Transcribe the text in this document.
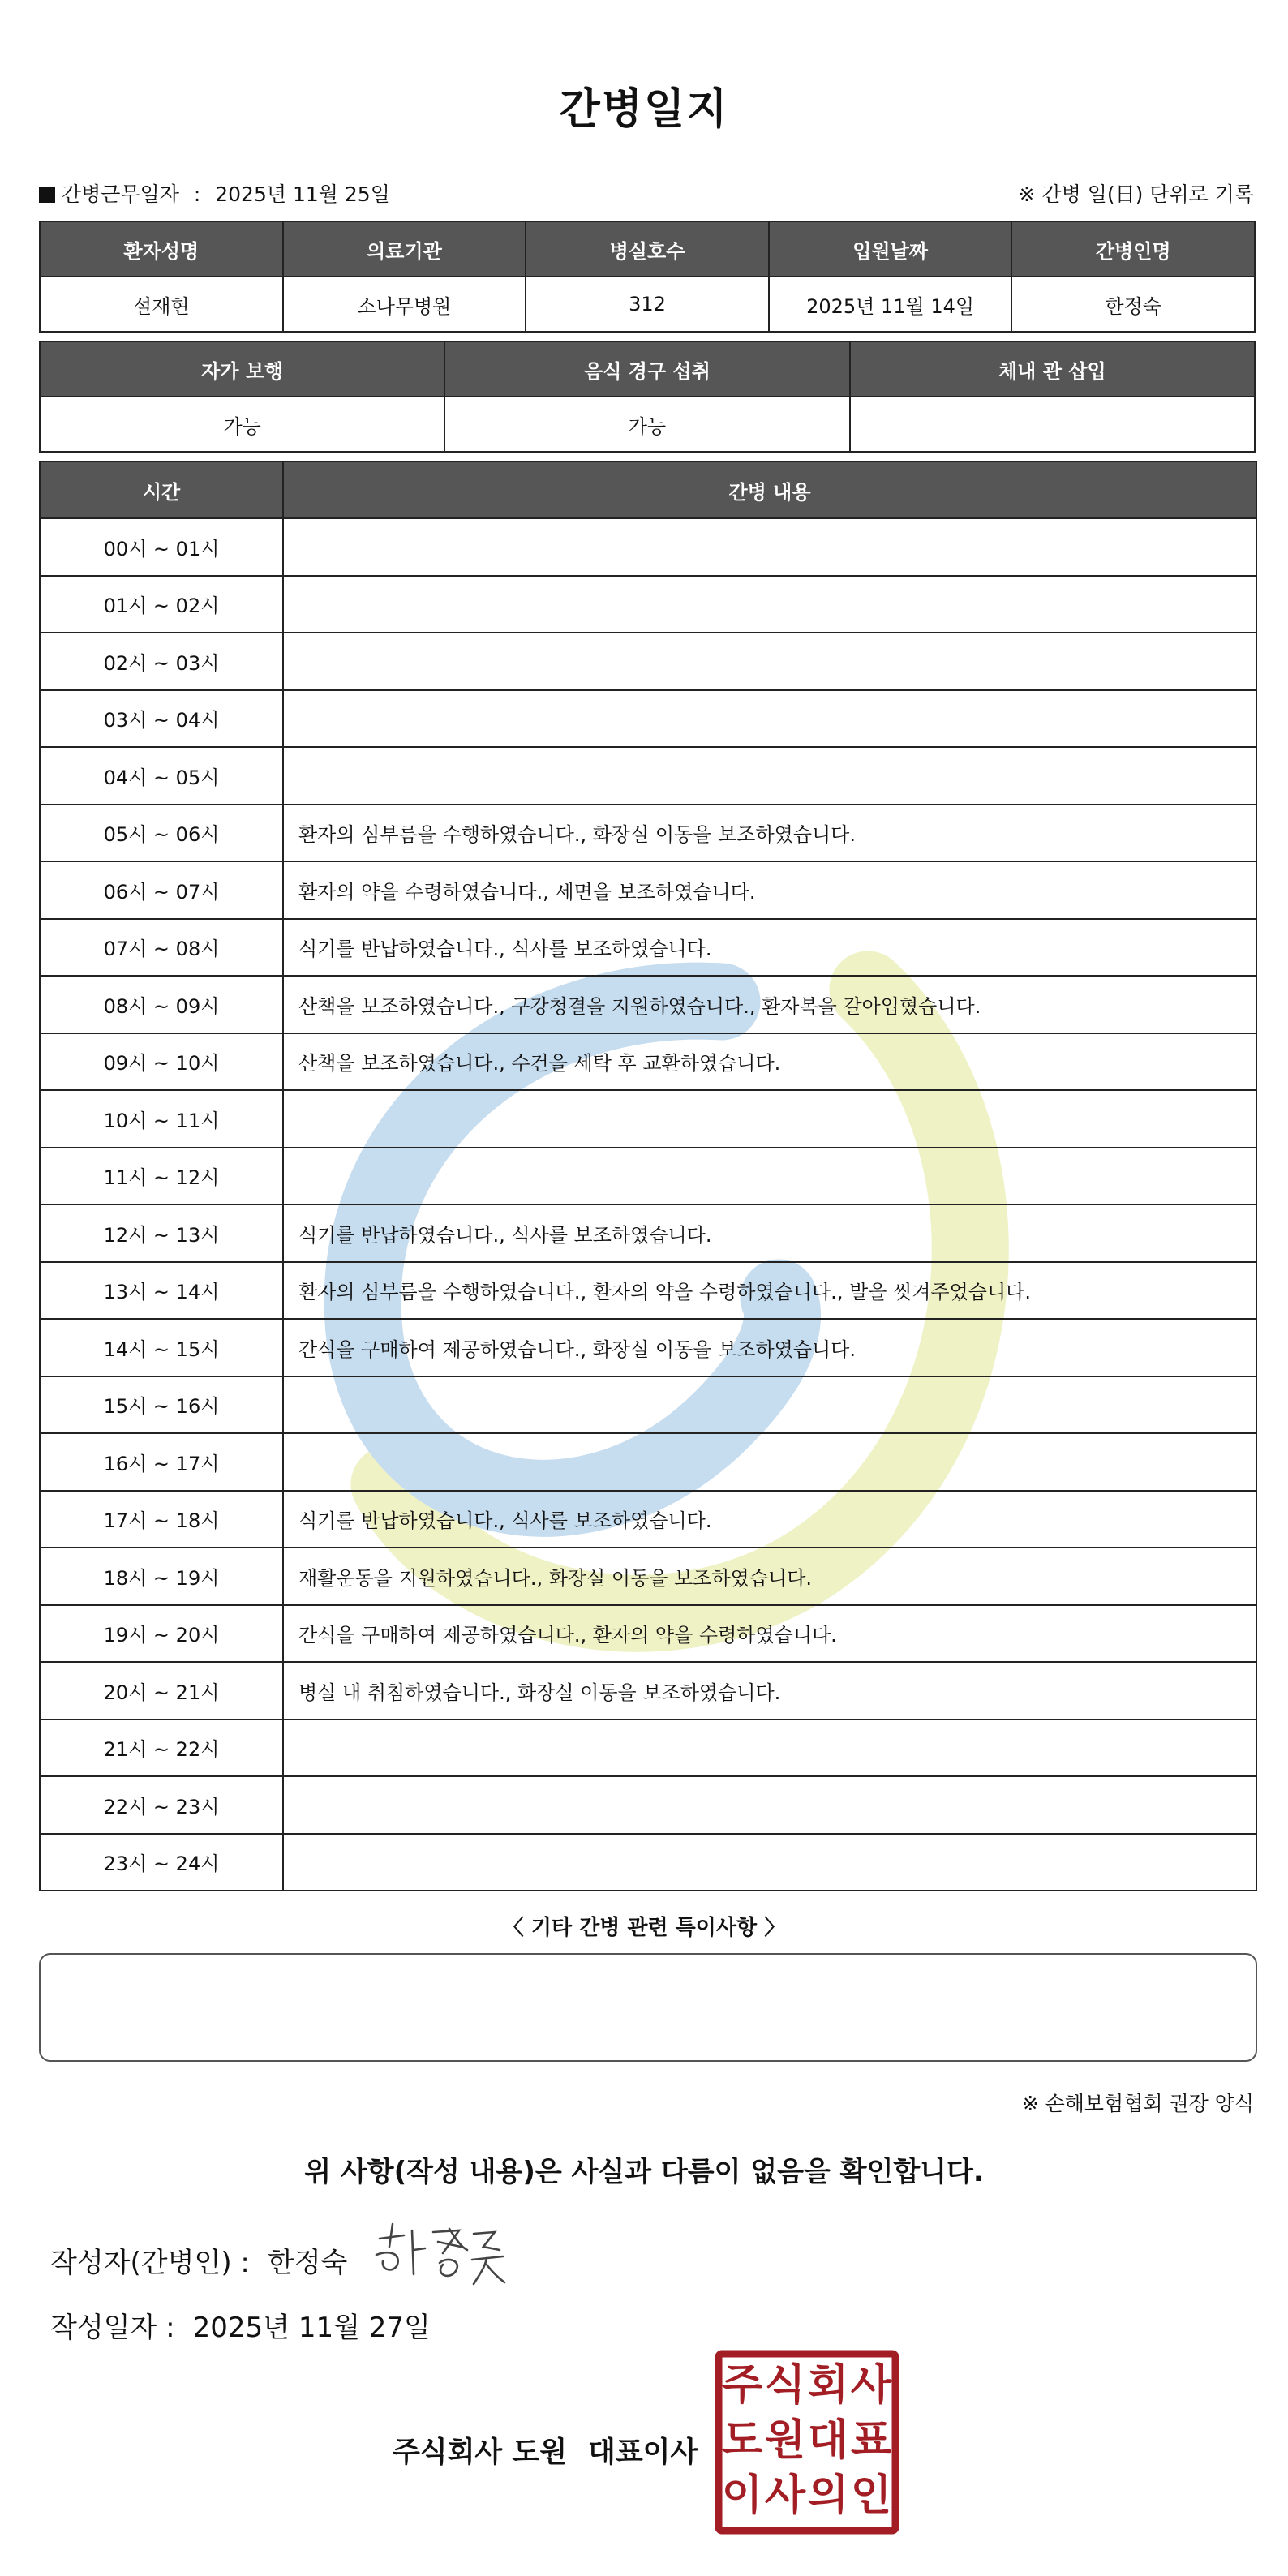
간병일지
간병근무일자 : 2025년 11월 25일	※ 간병 일(日) 단위로 기록
환자성명	의료기관	병실호수	입원날짜	간병인명
설재현	소나무병원	312	2025년 11월 14일	한정숙
자가 보행	음식 경구 섭취	체내 관 삽입
가능	가능	
시간	간병 내용
00시 ~ 01시	
01시 ~ 02시	
02시 ~ 03시	
03시 ~ 04시	
04시 ~ 05시	
05시 ~ 06시	환자의 심부름을 수행하였습니다., 화장실 이동을 보조하였습니다.
06시 ~ 07시	환자의 약을 수령하였습니다., 세면을 보조하였습니다.
07시 ~ 08시	식기를 반납하였습니다., 식사를 보조하였습니다.
08시 ~ 09시	산책을 보조하였습니다., 구강청결을 지원하였습니다., 환자복을 갈아입혔습니다.
09시 ~ 10시	산책을 보조하였습니다., 수건을 세탁 후 교환하였습니다.
10시 ~ 11시	
11시 ~ 12시	
12시 ~ 13시	식기를 반납하였습니다., 식사를 보조하였습니다.
13시 ~ 14시	환자의 심부름을 수행하였습니다., 환자의 약을 수령하였습니다., 발을 씻겨주었습니다.
14시 ~ 15시	간식을 구매하여 제공하였습니다., 화장실 이동을 보조하였습니다.
15시 ~ 16시	
16시 ~ 17시	
17시 ~ 18시	식기를 반납하였습니다., 식사를 보조하였습니다.
18시 ~ 19시	재활운동을 지원하였습니다., 화장실 이동을 보조하였습니다.
19시 ~ 20시	간식을 구매하여 제공하였습니다., 환자의 약을 수령하였습니다.
20시 ~ 21시	병실 내 취침하였습니다., 화장실 이동을 보조하였습니다.
21시 ~ 22시	
22시 ~ 23시	
23시 ~ 24시	
〈 기타 간병 관련 특이사항 〉
※ 손해보험협회 권장 양식
위 사항(작성 내용)은 사실과 다름이 없음을 확인합니다.
작성자(간병인) : 한정숙
작성일자 : 2025년 11월 27일
주식회사 도원 대표이사
주 식 회 사
도 원 대 표
이 사 의 인
